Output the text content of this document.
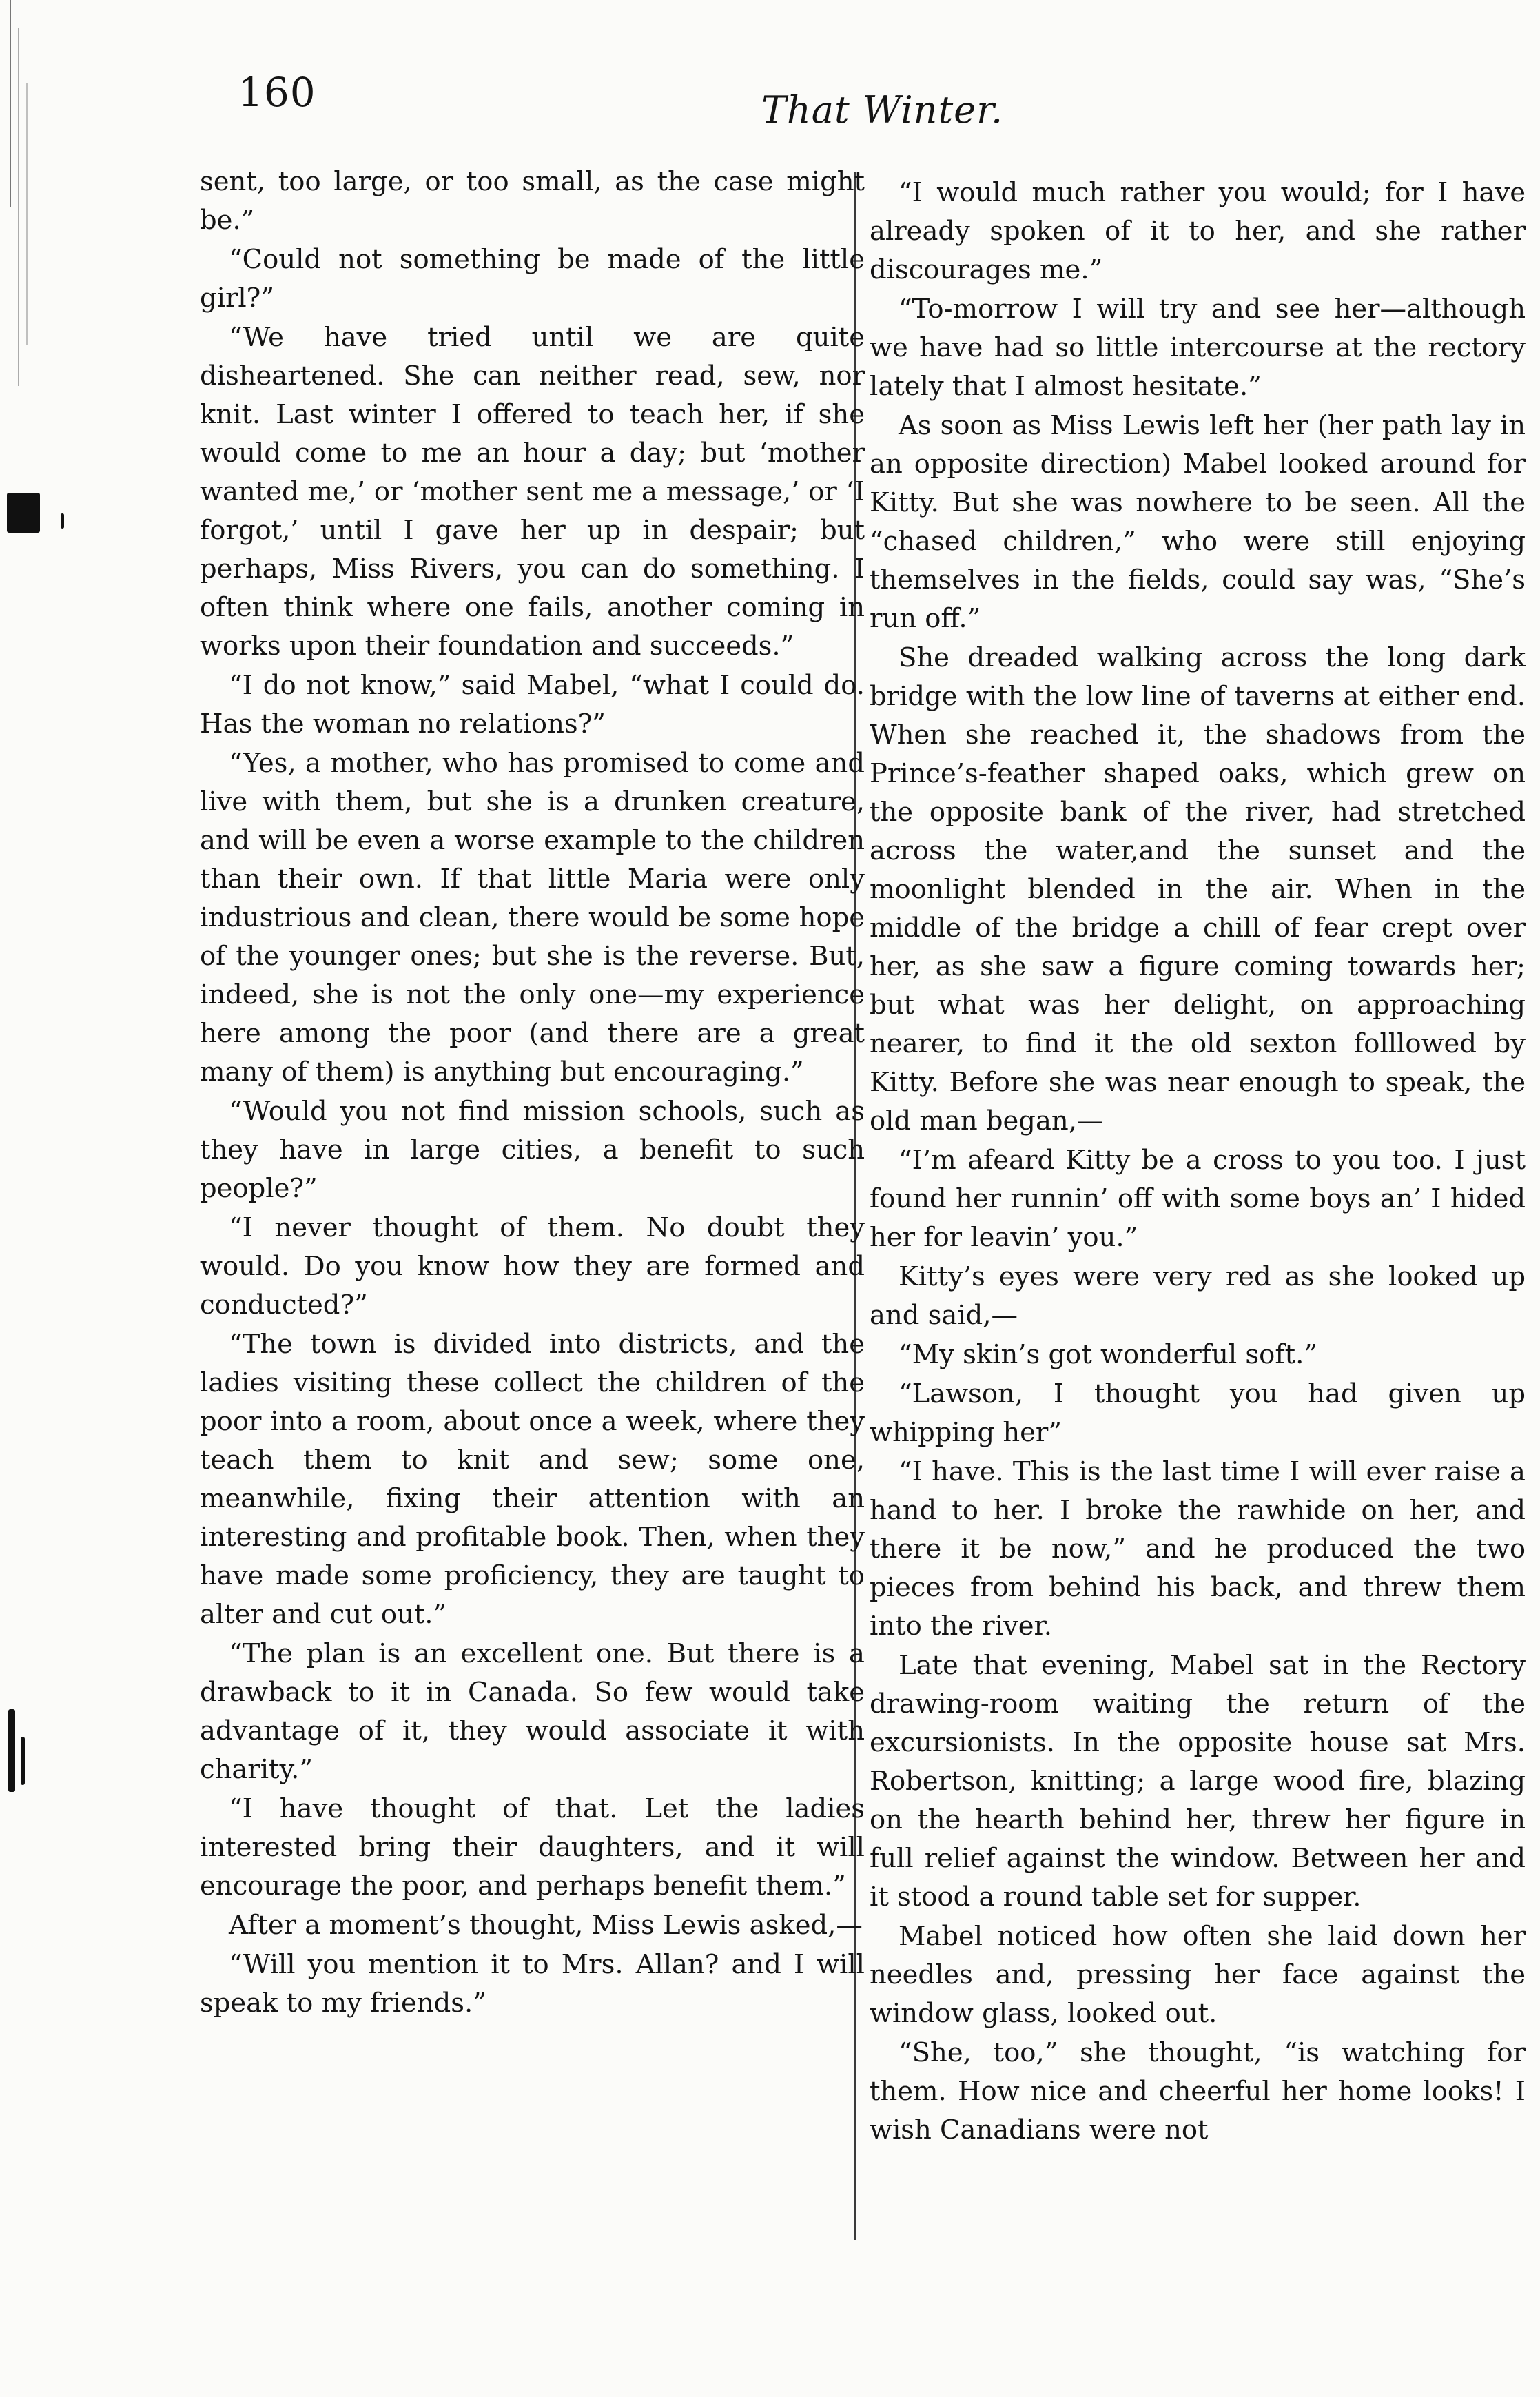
160	That Winter.

sent, too large, or too small, as the case might be.”

“Could not something be made of the little girl?”

“We have tried until we are quite disheartened. She can neither read, sew, nor knit. Last winter I offered to teach her, if she would come to me an hour a day; but ‘mother wanted me,’ or ‘mother sent me a message,’ or ‘I forgot,’ until I gave her up in despair; but perhaps, Miss Rivers, you can do something. I often think where one fails, another coming in works upon their foundation and succeeds.”

“I do not know,” said Mabel, “what I could do. Has the woman no relations?”

“Yes, a mother, who has promised to come and live with them, but she is a drunken creature, and will be even a worse example to the children than their own. If that little Maria were only industrious and clean, there would be some hope of the younger ones; but she is the reverse. But, indeed, she is not the only one—my experience here among the poor (and there are a great many of them) is anything but encouraging.”

“Would you not find mission schools, such as they have in large cities, a benefit to such people?”

“I never thought of them. No doubt they would. Do you know how they are formed and conducted?”

“The town is divided into districts, and the ladies visiting these collect the children of the poor into a room, about once a week, where they teach them to knit and sew; some one, meanwhile, fixing their attention with an interesting and profitable book. Then, when they have made some proficiency, they are taught to alter and cut out.”

“The plan is an excellent one. But there is a drawback to it in Canada. So few would take advantage of it, they would associate it with charity.”

“I have thought of that. Let the ladies interested bring their daughters, and it will encourage the poor, and perhaps benefit them.”

After a moment’s thought, Miss Lewis asked,—

“Will you mention it to Mrs. Allan? and I will speak to my friends.”

“I would much rather you would; for I have already spoken of it to her, and she rather discourages me.”

“To-morrow I will try and see her—although we have had so little intercourse at the rectory lately that I almost hesitate.”

As soon as Miss Lewis left her (her path lay in an opposite direction) Mabel looked around for Kitty. But she was nowhere to be seen. All the “chased children,” who were still enjoying themselves in the fields, could say was, “She’s run off.”

She dreaded walking across the long dark bridge with the low line of taverns at either end. When she reached it, the shadows from the Prince’s-feather shaped oaks, which grew on the opposite bank of the river, had stretched across the water,and the sunset and the moonlight blended in the air. When in the middle of the bridge a chill of fear crept over her, as she saw a figure coming towards her; but what was her delight, on approaching nearer, to find it the old sexton folllowed by Kitty. Before she was near enough to speak, the old man began,—

“I’m afeard Kitty be a cross to you too. I just found her runnin’ off with some boys an’ I hided her for leavin’ you.”

Kitty’s eyes were very red as she looked up and said,—

“My skin’s got wonderful soft.”

“Lawson, I thought you had given up whipping her”

“I have. This is the last time I will ever raise a hand to her. I broke the rawhide on her, and there it be now,” and he produced the two pieces from behind his back, and threw them into the river.

Late that evening, Mabel sat in the Rectory drawing-room waiting the return of the excursionists. In the opposite house sat Mrs. Robertson, knitting; a large wood fire, blazing on the hearth behind her, threw her figure in full relief against the window. Between her and it stood a round table set for supper.

Mabel noticed how often she laid down her needles and, pressing her face against the window glass, looked out.

“She, too,” she thought, “is watching for them. How nice and cheerful her home looks! I wish Canadians were not
